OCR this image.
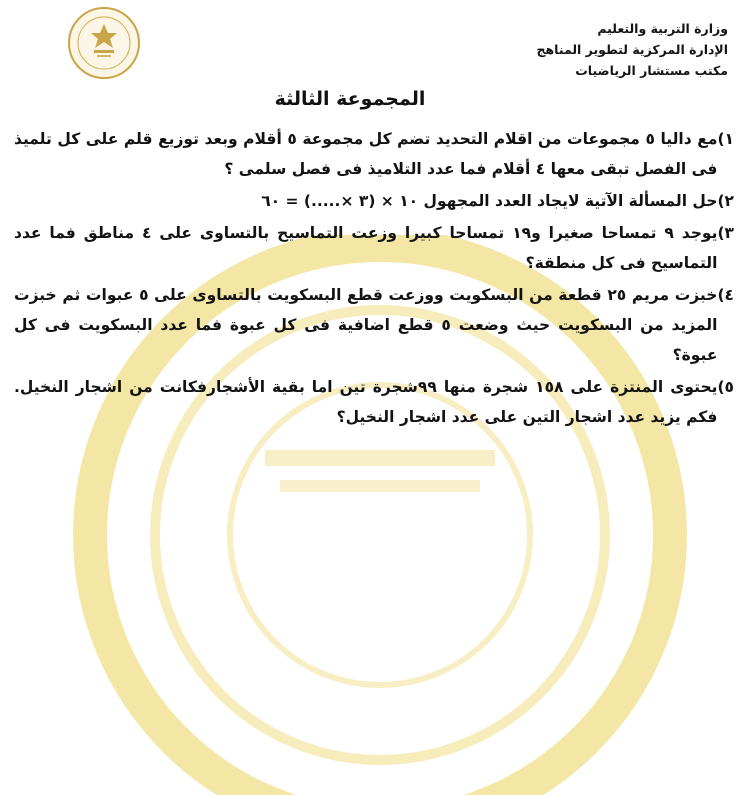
وزارة التربية والتعليم
الإدارة المركزية لتطوير المناهج
مكتب مستشار الرياضيات
المجموعة الثالثة
١)
مع داليا ٥ مجموعات من اقلام التحديد تضم كل مجموعة ٥ أقلام وبعد توزيع قلم على كل تلميذ فى الفصل تبقى معها ٤ أقلام فما عدد التلاميذ فى فصل سلمى ؟
٢)
حل المسألة الآتية لايجاد العدد المجهول ١٠ × (٣ ×.....) = ٦٠
٣)
يوجد ٩ تمساحا صغيرا و١٩ تمساحا كبيرا وزعت التماسيح بالتساوى على ٤ مناطق فما عدد التماسيح فى كل منطقة؟
٤)
خبزت مريم ٢٥ قطعة من البسكويت ووزعت قطع البسكويت بالتساوى على ٥ عبوات ثم خبزت المزيد من البسكويت حيث وضعت ٥ قطع اضافية فى كل عبوة فما عدد البسكويت فى كل عبوة؟
٥)
يحتوى المنتزة على ١٥٨ شجرة منها ٩٩شجرة تين اما بقية الأشجارفكانت من اشجار النخيل. فكم يزيد عدد اشجار التين على عدد اشجار النخيل؟
